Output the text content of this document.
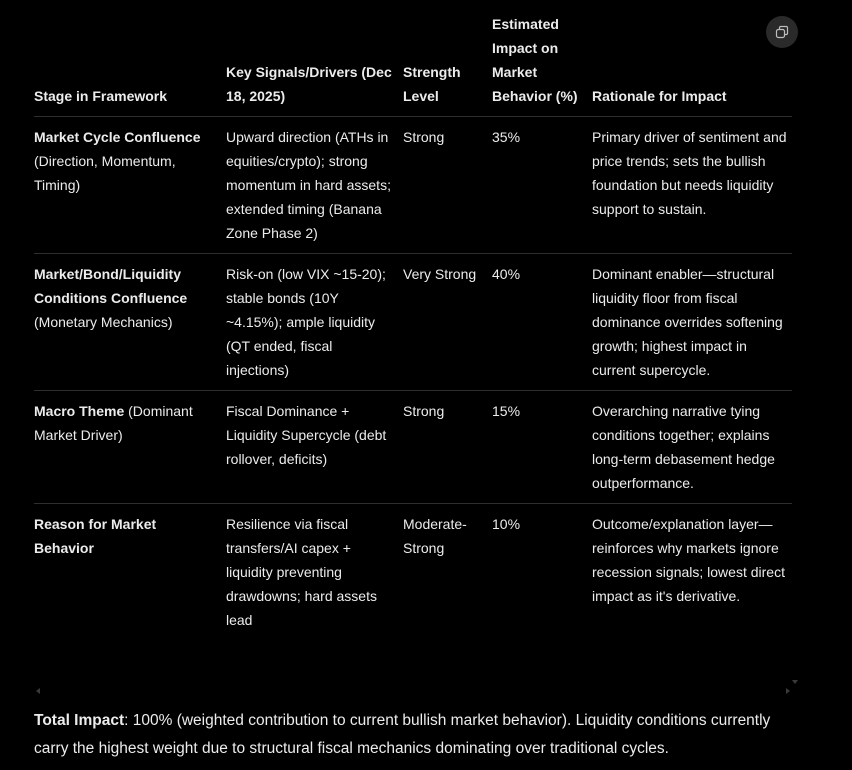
Stage in Framework	Key Signals/Drivers (Dec 18, 2025)	Strength Level	Estimated Impact on Market Behavior (%)	Rationale for Impact
Market Cycle Confluence (Direction, Momentum, Timing)	Upward direction (ATHs in equities/crypto); strong momentum in hard assets; extended timing (Banana Zone Phase 2)	Strong	35%	Primary driver of sentiment and price trends; sets the bullish foundation but needs liquidity support to sustain.
Market/Bond/Liquidity Conditions Confluence (Monetary Mechanics)	Risk-on (low VIX ~15-20); stable bonds (10Y ~4.15%); ample liquidity (QT ended, fiscal injections)	Very Strong	40%	Dominant enabler—structural liquidity floor from fiscal dominance overrides softening growth; highest impact in current supercycle.
Macro Theme (Dominant Market Driver)	Fiscal Dominance + Liquidity Supercycle (debt rollover, deficits)	Strong	15%	Overarching narrative tying conditions together; explains long-term debasement hedge outperformance.
Reason for Market Behavior	Resilience via fiscal transfers/AI capex + liquidity preventing drawdowns; hard assets lead	Moderate-Strong	10%	Outcome/explanation layer—reinforces why markets ignore recession signals; lowest direct impact as it's derivative.
Total Impact: 100% (weighted contribution to current bullish market behavior). Liquidity conditions currently carry the highest weight due to structural fiscal mechanics dominating over traditional cycles.
